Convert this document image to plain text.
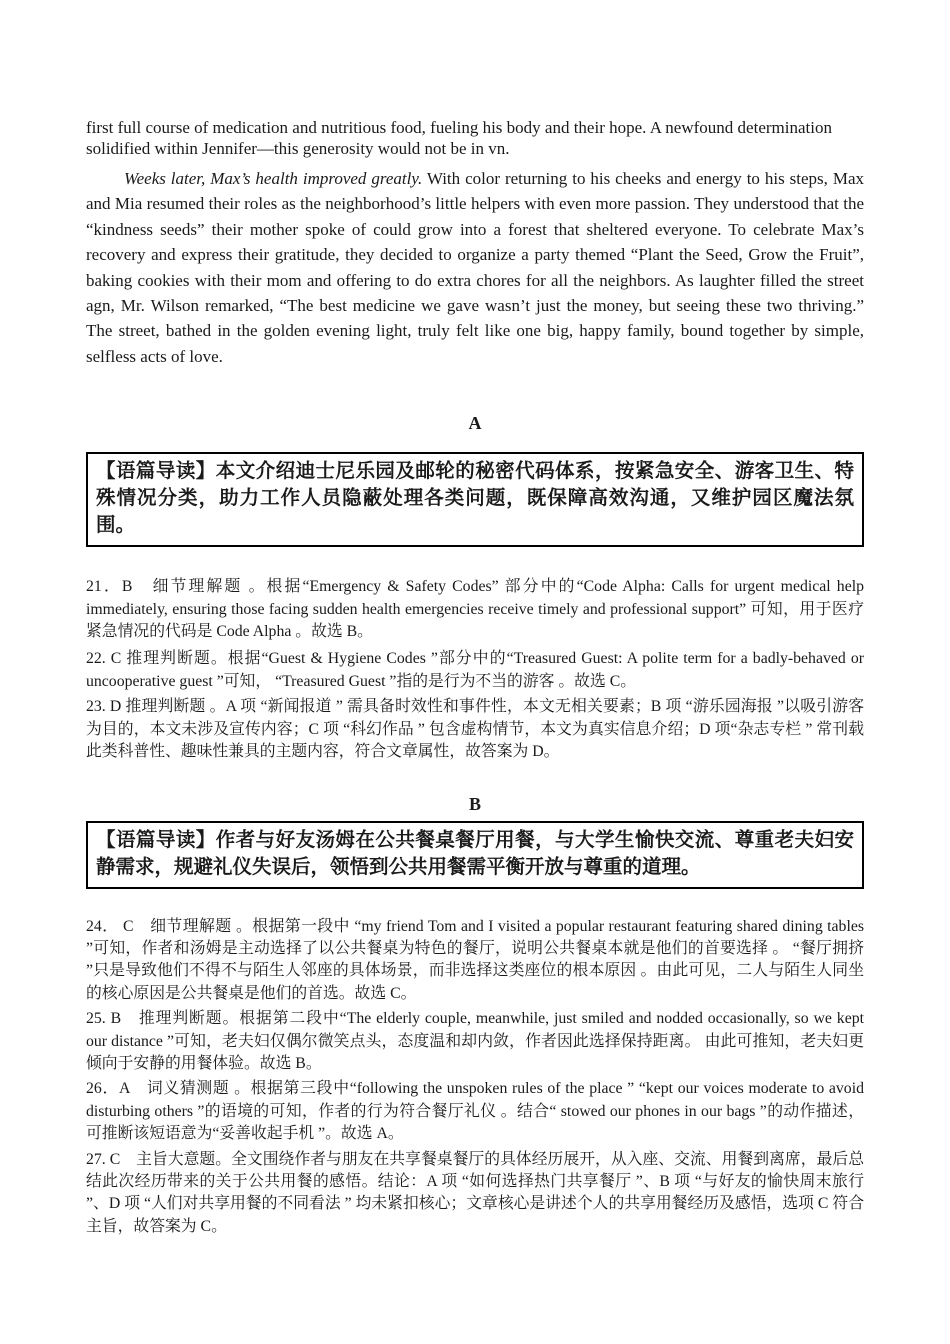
first full course of medication and nutritious food, fueling his body and their hope. A newfound determination solidified within Jennifer—this generosity would not be in vn.

Weeks later, Max’s health improved greatly. With color returning to his cheeks and energy to his steps, Max and Mia resumed their roles as the neighborhood’s little helpers with even more passion. They understood that the “kindness seeds” their mother spoke of could grow into a forest that sheltered everyone. To celebrate Max’s recovery and express their gratitude, they decided to organize a party themed “Plant the Seed, Grow the Fruit”, baking cookies with their mom and offering to do extra chores for all the neighbors. As laughter filled the street agn, Mr. Wilson remarked, “The best medicine we gave wasn’t just the money, but seeing these two thriving.” The street, bathed in the golden evening light, truly felt like one big, happy family, bound together by simple, selfless acts of love.

A
【语篇导读】本文介绍迪士尼乐园及邮轮的秘密代码体系，按紧急安全、游客卫生、特殊情况分类，助力工作人员隐蔽处理各类问题，既保障高效沟通，又维护园区魔法氛围。

21．B　细节理解题 。根据“Emergency & Safety Codes” 部分中的“Code Alpha: Calls for urgent medical help immediately, ensuring those facing sudden health emergencies receive timely and professional support” 可知，用于医疗紧急情况的代码是 Code Alpha 。故选 B。

22. C 推理判断题。根据“Guest & Hygiene Codes ”部分中的“Treasured Guest: A polite term for a badly-behaved or uncooperative guest ”可知， “Treasured Guest ”指的是行为不当的游客 。故选 C。

23. D 推理判断题 。A 项 “新闻报道 ” 需具备时效性和事件性，本文无相关要素；B 项 “游乐园海报 ”以吸引游客为目的，本文未涉及宣传内容；C 项 “科幻作品 ” 包含虚构情节，本文为真实信息介绍；D 项“杂志专栏 ” 常刊载此类科普性、趣味性兼具的主题内容，符合文章属性，故答案为 D。

B
【语篇导读】作者与好友汤姆在公共餐桌餐厅用餐，与大学生愉快交流、尊重老夫妇安静需求，规避礼仪失误后，领悟到公共用餐需平衡开放与尊重的道理。

24． C　细节理解题 。根据第一段中 “my friend Tom and I visited a popular restaurant featuring shared dining tables ”可知，作者和汤姆是主动选择了以公共餐桌为特色的餐厅，说明公共餐桌本就是他们的首要选择 。 “餐厅拥挤 ”只是导致他们不得不与陌生人邻座的具体场景，而非选择这类座位的根本原因 。由此可见，二人与陌生人同坐的核心原因是公共餐桌是他们的首选。故选 C。

25. B　推理判断题。根据第二段中“The elderly couple, meanwhile, just smiled and nodded occasionally, so we kept our distance ”可知，老夫妇仅偶尔微笑点头，态度温和却内敛，作者因此选择保持距离。 由此可推知，老夫妇更倾向于安静的用餐体验。故选 B。

26．A　词义猜测题 。根据第三段中“following the unspoken rules of the place ” “kept our voices moderate to avoid disturbing others ”的语境的可知，作者的行为符合餐厅礼仪 。结合“ stowed our phones in our bags ”的动作描述，可推断该短语意为“妥善收起手机 ”。故选 A。

27. C　主旨大意题。全文围绕作者与朋友在共享餐桌餐厅的具体经历展开，从入座、交流、用餐到离席，最后总结此次经历带来的关于公共用餐的感悟。结论：A 项 “如何选择热门共享餐厅 ”、B 项 “与好友的愉快周末旅行 ”、D 项 “人们对共享用餐的不同看法 ” 均未紧扣核心；文章核心是讲述个人的共享用餐经历及感悟，选项 C 符合主旨，故答案为 C。
